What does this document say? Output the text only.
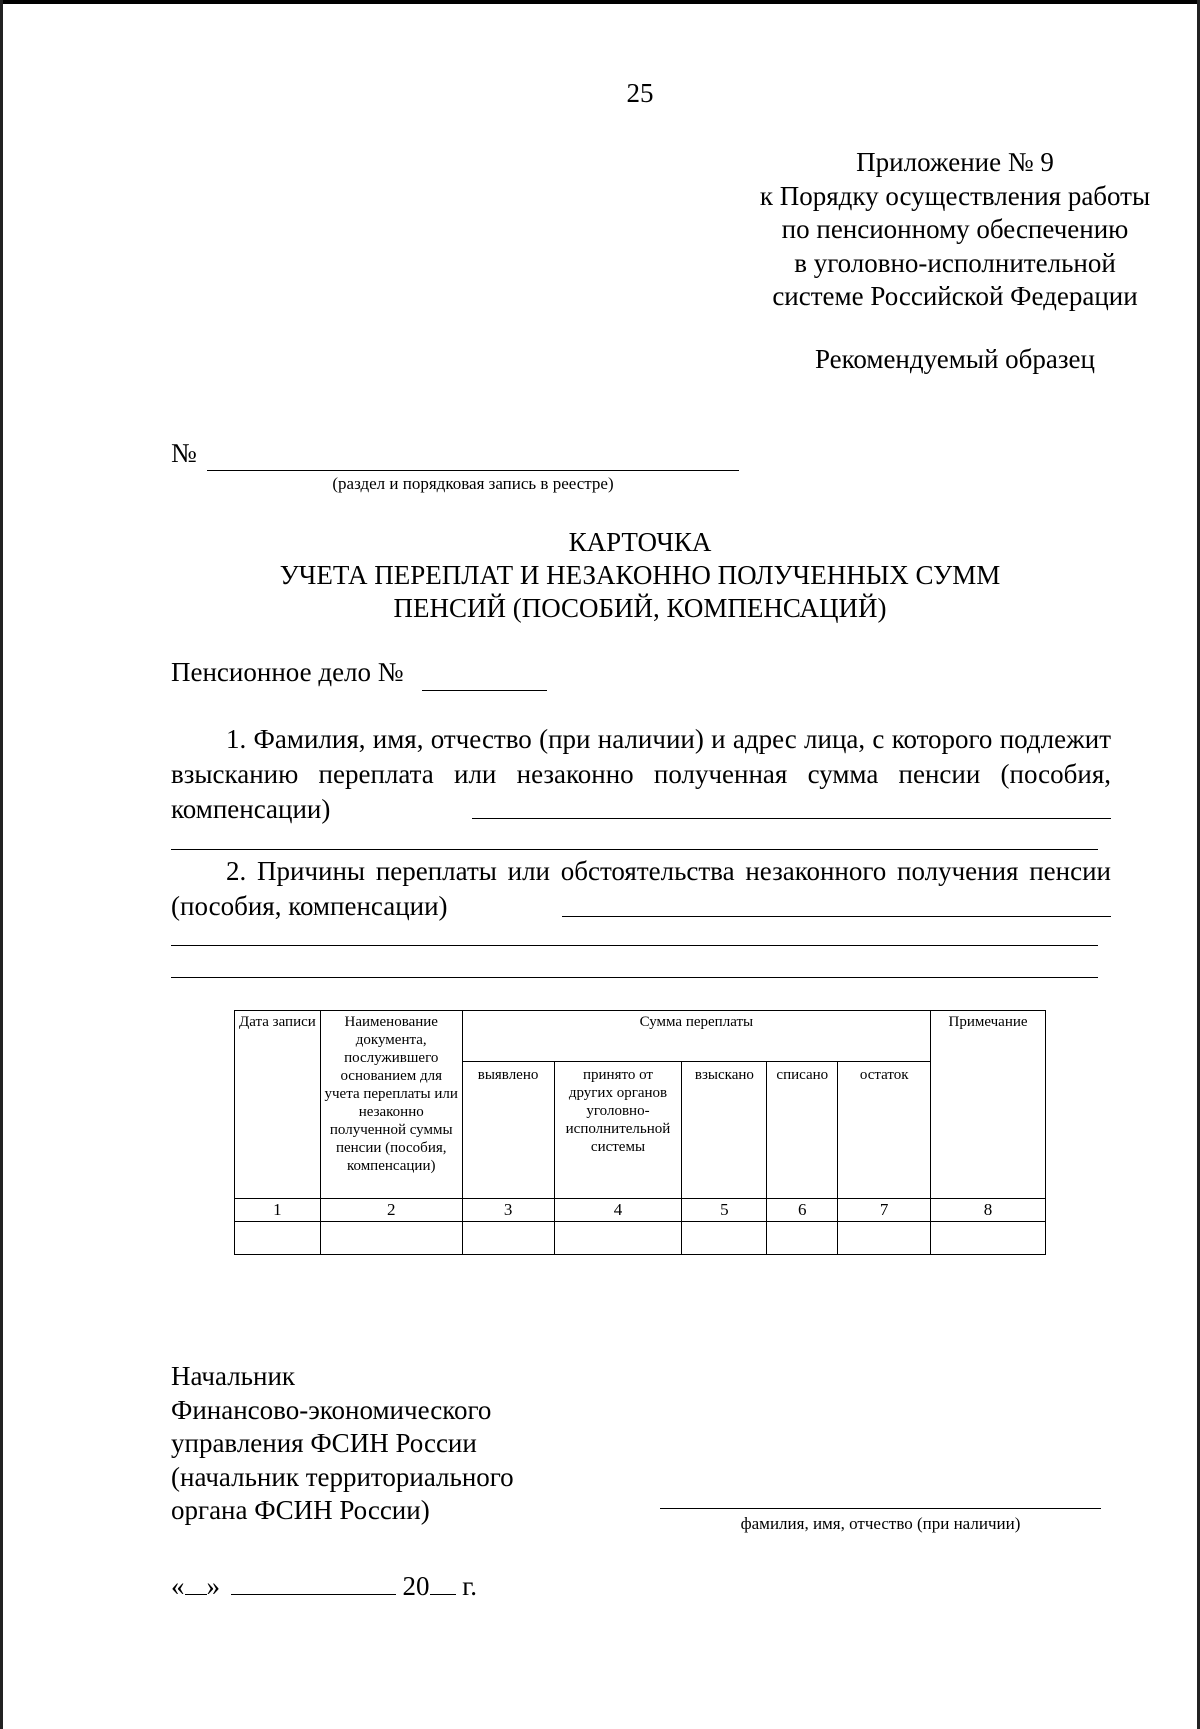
25
Приложение № 9
к Порядку осуществления работы
по пенсионному обеспечению
в уголовно-исполнительной
системе Российской Федерации
Рекомендуемый образец
№
(раздел и порядковая запись в реестре)
КАРТОЧКА
УЧЕТА ПЕРЕПЛАТ И НЕЗАКОННО ПОЛУЧЕННЫХ СУММ
ПЕНСИЙ (ПОСОБИЙ, КОМПЕНСАЦИЙ)
Пенсионное дело №
1. Фамилия, имя, отчество (при наличии) и адрес лица, с которого подлежит взысканию переплата или незаконно полученная сумма пенсии (пособия, компенсации)
2. Причины переплаты или обстоятельства незаконного получения пенсии (пособия, компенсации)
Дата записи	Наименование документа, послужившего основанием для учета переплаты или незаконно полученной суммы пенсии (пособия, компенсации)	Сумма переплаты					Примечание
		выявлено	принято от других органов уголовно-исполнительной системы	взыскано	списано	остаток	
1	2	3	4	5	6	7	8

Начальник
Финансово-экономического
управления ФСИН России
(начальник территориального
органа ФСИН России)	фамилия, имя, отчество (при наличии)
« »	20 г.
